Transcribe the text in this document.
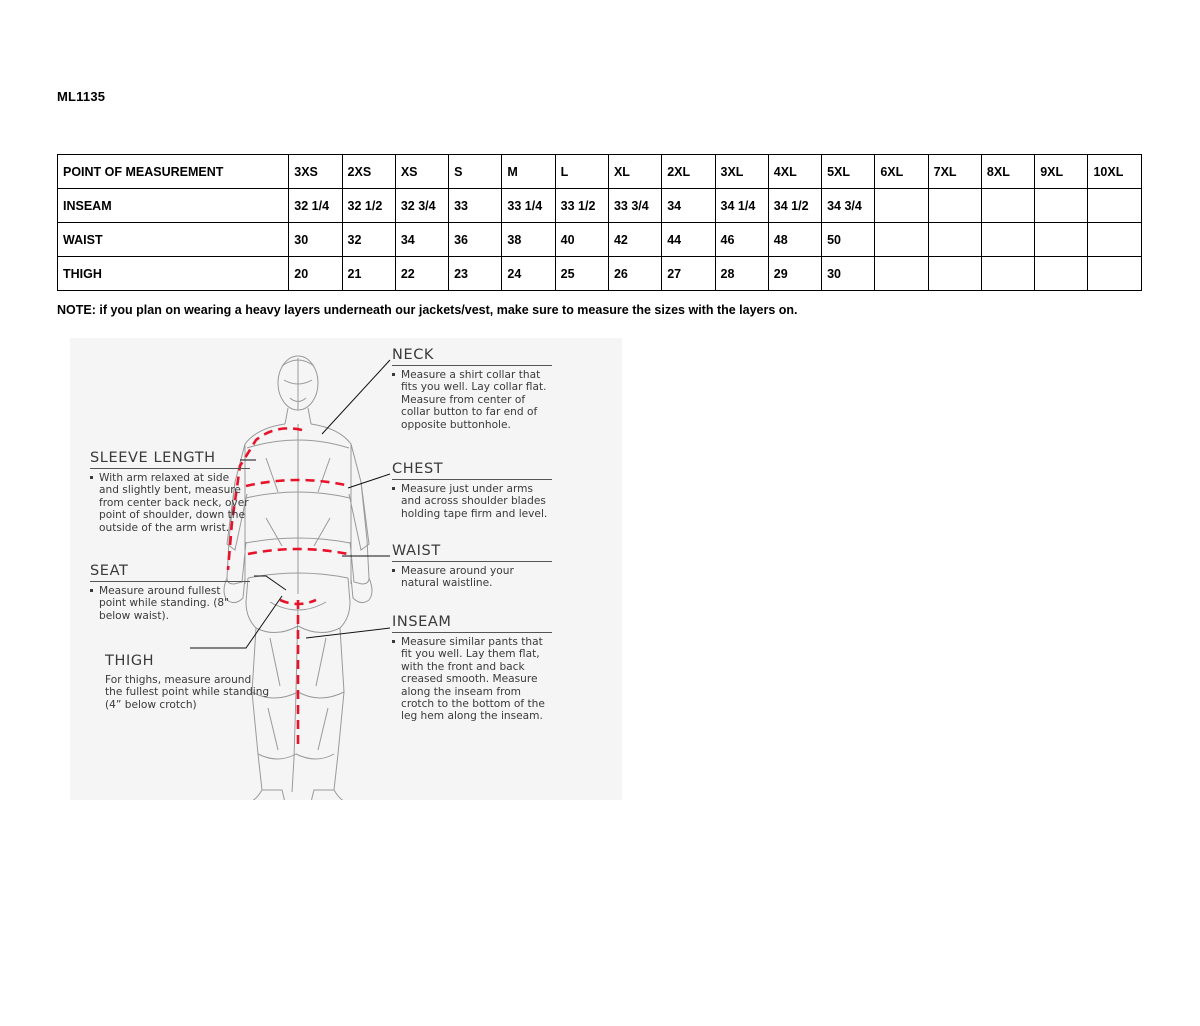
ML1135
POINT OF MEASUREMENT	3XS	2XS	XS	S	M	L	XL	2XL	3XL	4XL	5XL	6XL	7XL	8XL	9XL	10XL
INSEAM	32 1/4	32 1/2	32 3/4	33	33 1/4	33 1/2	33 3/4	34	34 1/4	34 1/2	34 3/4					
WAIST	30	32	34	36	38	40	42	44	46	48	50					
THIGH	20	21	22	23	24	25	26	27	28	29	30					
NOTE: if you plan on wearing a heavy layers underneath our jackets/vest, make sure to measure the sizes with the layers on.
NECK
Measure a shirt collar that fits you well. Lay collar flat. Measure from center of collar button to far end of opposite buttonhole.
CHEST
Measure just under arms and across shoulder blades holding tape firm and level.
WAIST
Measure around your natural waistline.
INSEAM
Measure similar pants that fit you well. Lay them flat, with the front and back creased smooth. Measure along the inseam from crotch to the bottom of the leg hem along the inseam.
SLEEVE LENGTH
With arm relaxed at side and slightly bent, measure from center back neck, over point of shoulder, down the outside of the arm wrist.
SEAT
Measure around fullest point while standing. (8" below waist).
THIGH
For thighs, measure around the fullest point while standing (4” below crotch)
